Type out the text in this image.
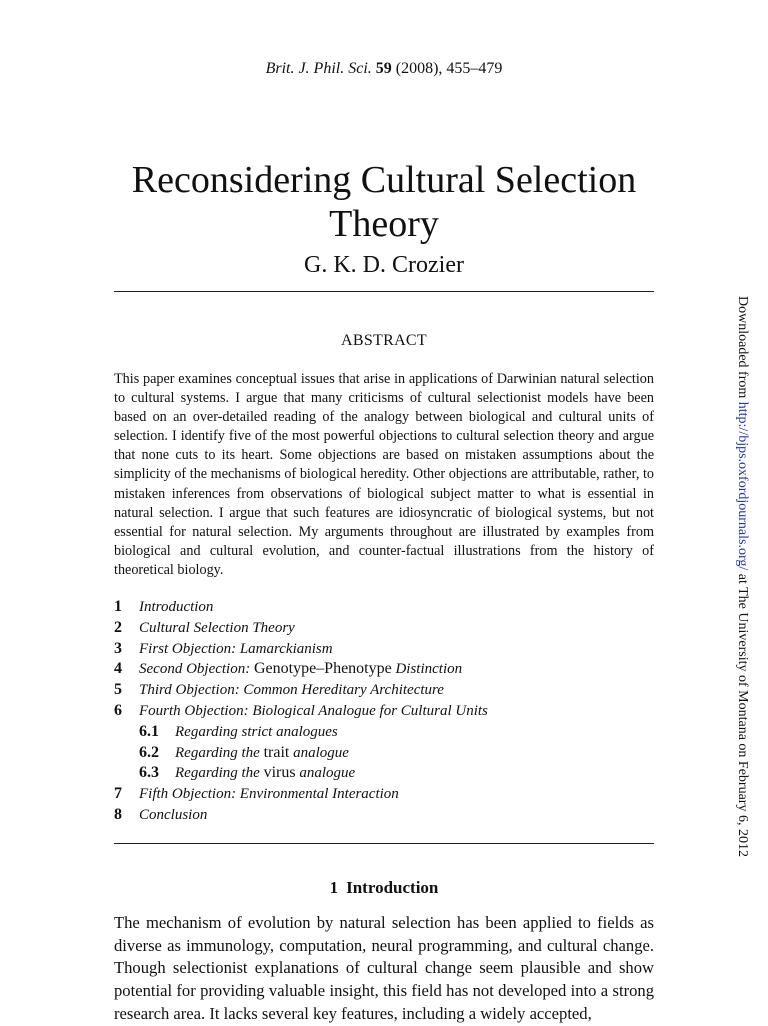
Brit. J. Phil. Sci. 59 (2008), 455–479
Reconsidering Cultural Selection Theory
G. K. D. Crozier
ABSTRACT

This paper examines conceptual issues that arise in applications of Darwinian natural selection to cultural systems. I argue that many criticisms of cultural selectionist models have been based on an over-detailed reading of the analogy between biological and cultural units of selection. I identify five of the most powerful objections to cultural selection theory and argue that none cuts to its heart. Some objections are based on mistaken assumptions about the simplicity of the mechanisms of biological heredity. Other objections are attributable, rather, to mistaken inferences from observations of biological subject matter to what is essential in natural selection. I argue that such features are idiosyncratic of biological systems, but not essential for natural selection. My arguments throughout are illustrated by examples from biological and cultural evolution, and counter-factual illustrations from the history of theoretical biology.

1 Introduction
2 Cultural Selection Theory
3 First Objection: Lamarckianism
4 Second Objection: Genotype–Phenotype Distinction
5 Third Objection: Common Hereditary Architecture
6 Fourth Objection: Biological Analogue for Cultural Units
6.1 Regarding strict analogues
6.2 Regarding the trait analogue
6.3 Regarding the virus analogue
7 Fifth Objection: Environmental Interaction
8 Conclusion
1 Introduction

The mechanism of evolution by natural selection has been applied to fields as diverse as immunology, computation, neural programming, and cultural change. Though selectionist explanations of cultural change seem plausible and show potential for providing valuable insight, this field has not developed into a strong research area. It lacks several key features, including a widely accepted,

Downloaded from http://bjps.oxfordjournals.org/ at The University of Montana on February 6, 2012
